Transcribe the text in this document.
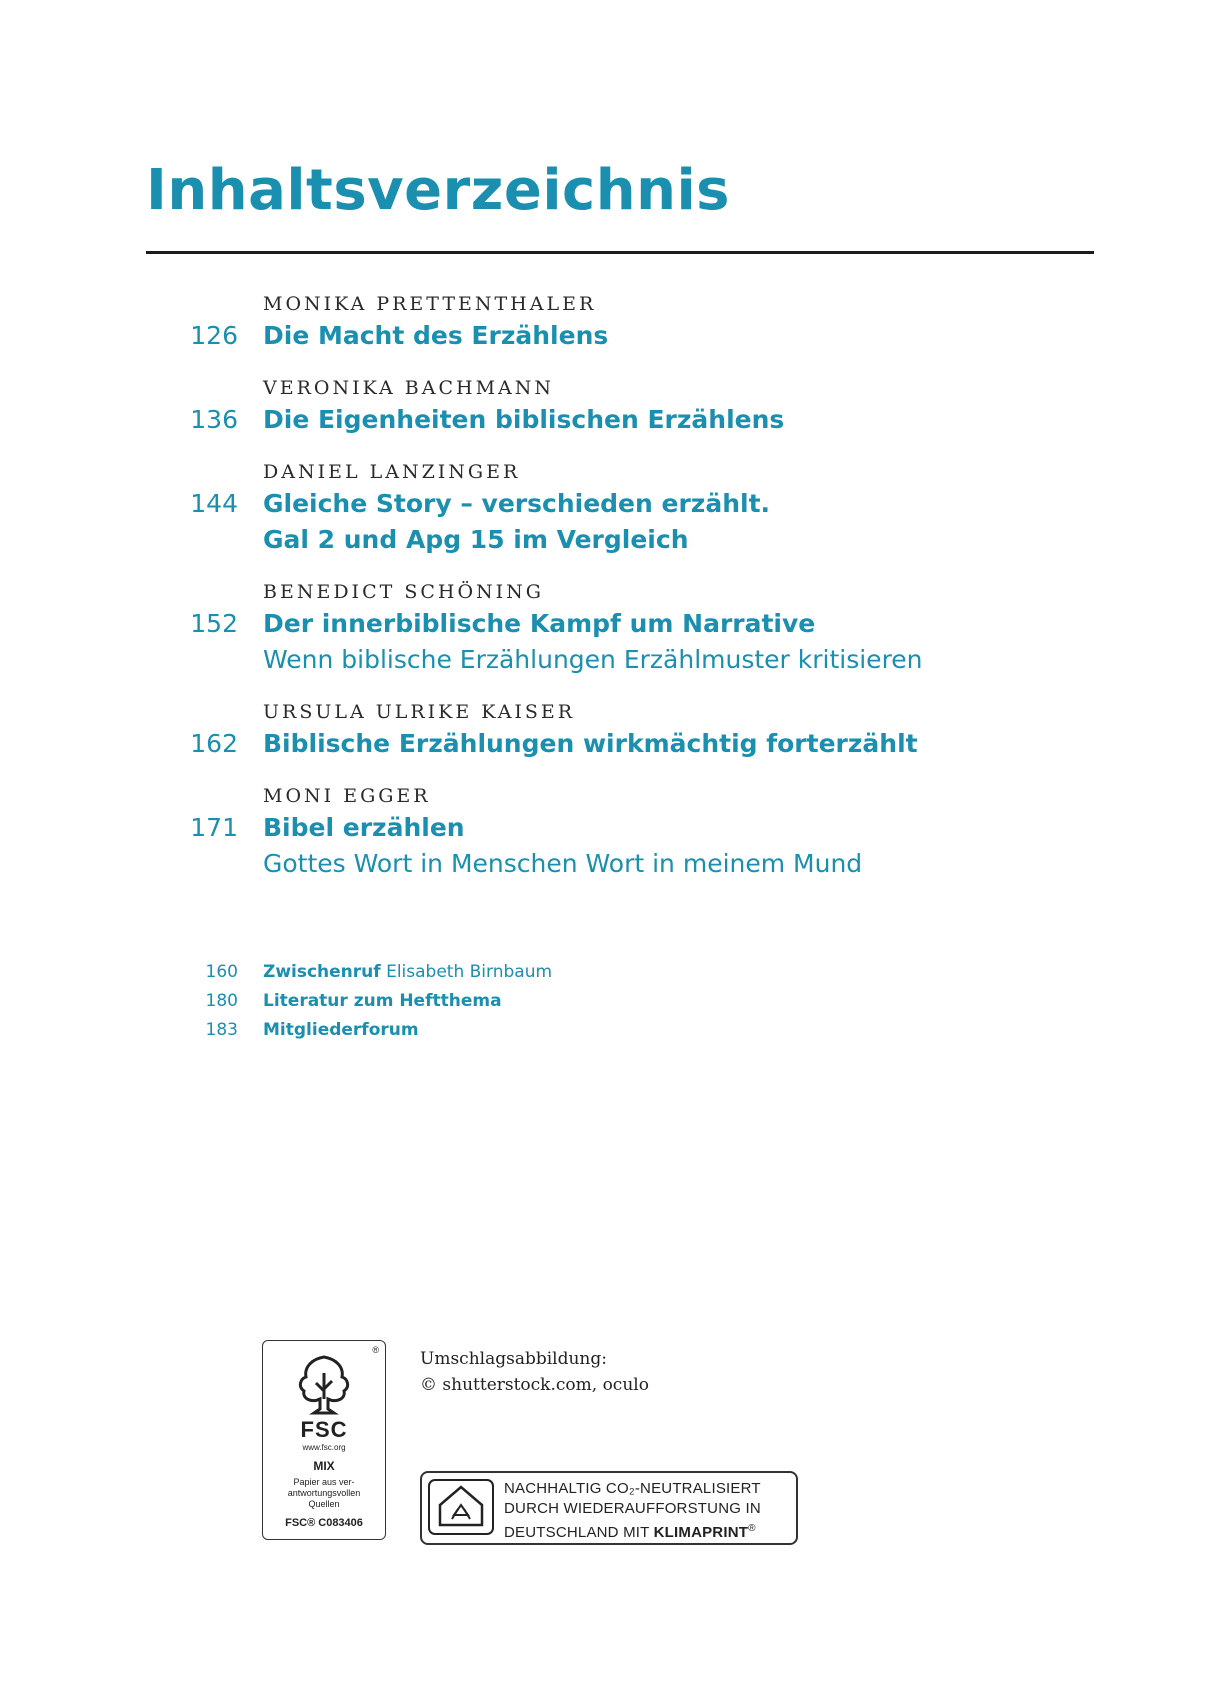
Inhaltsverzeichnis
MONIKA PRETTENTHALER
126 Die Macht des Erzählens
VERONIKA BACHMANN
136 Die Eigenheiten biblischen Erzählens
DANIEL LANZINGER
144 Gleiche Story – verschieden erzählt.
Gal 2 und Apg 15 im Vergleich
BENEDICT SCHÖNING
152 Der innerbiblische Kampf um Narrative
Wenn biblische Erzählungen Erzählmuster kritisieren
URSULA ULRIKE KAISER
162 Biblische Erzählungen wirkmächtig forterzählt
MONI EGGER
171 Bibel erzählen
Gottes Wort in Menschen Wort in meinem Mund
160 Zwischenruf Elisabeth Birnbaum
180 Literatur zum Heftthema
183 Mitgliederforum
®
FSC
www.fsc.org
MIX
Papier aus ver-
antwortungsvollen
Quellen
FSC® C083406
Umschlagsabbildung:
© shutterstock.com, oculo
NACHHALTIG CO₂-NEUTRALISIERT
DURCH WIEDERAUFFORSTUNG IN
DEUTSCHLAND MIT KLIMAPRINT®
